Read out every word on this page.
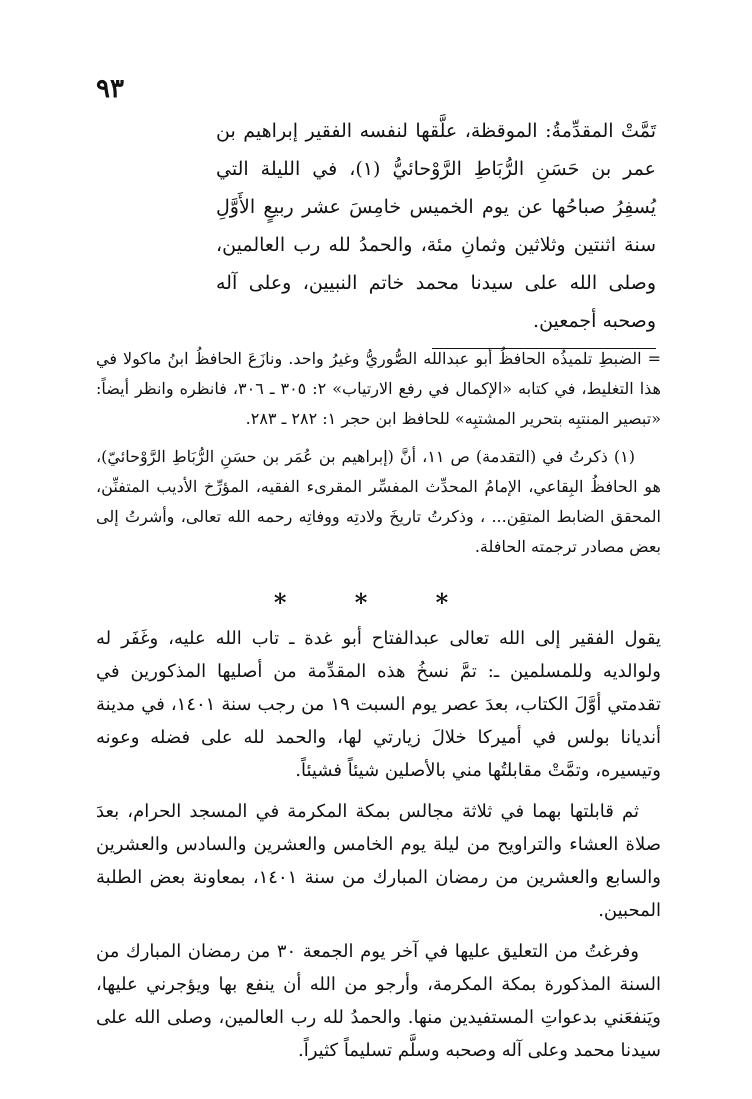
٩٣

تَمَّتْ المقدِّمةُ: الموقظة، علَّقها لنفسه الفقير إبراهيم بن عمر بن حَسَنِ الرُّبَاطِ الرَّوْحائيُّ (١)، في الليلة التي يُسفِرُ صباحُها عن يوم الخميس خامِسَ عشر ربيعٍ الأَوَّلِ سنة اثنتين وثلاثين وثمانِ مئة، والحمدُ لله رب العالمين، وصلى الله على سيدنا محمد خاتم النبيين، وعلى آله وصحبه أجمعين.

= الضبطِ تلميذُه الحافظُ أبو عبدالله الصُّوريُّ وغيرُ واحد. ونازَعَ الحافظُ ابنُ ماكولا في هذا التغليط، في كتابه «الإكمال في رفع الارتياب» ٢: ٣٠٥ ـ ٣٠٦، فانظره وانظر أيضاً: «تبصير المنتبِه بتحرير المشتبِه» للحافظ ابن حجر ١: ٢٨٢ ـ ٢٨٣.

(١) ذكرتُ في (التقدمة) ص ١١، أنَّ (إبراهيم بن عُمَر بن حسَنِ الرُّبَاطِ الرَّوْحائيّ)، هو الحافظُ البِقاعي، الإمامُ المحدِّث المفسِّر المقرىء الفقيه، المؤرِّخ الأديب المتفنِّن، المحقق الضابط المتقِن... ، وذكرتُ تاريخَ ولادتِه ووفاتِه رحمه الله تعالى، وأشرتُ إلى بعض مصادر ترجمته الحافلة.

* * *

يقول الفقير إلى الله تعالى عبدالفتاح أبو غدة ـ تاب الله عليه، وغَفَر له ولوالديه وللمسلمين ـ: تمَّ نسخُ هذه المقدِّمة من أصليها المذكورين في تقدمتي أوَّلَ الكتاب، بعدَ عصر يوم السبت ١٩ من رجب سنة ١٤٠١، في مدينة أنديانا بولس في أميركا خلالَ زيارتي لها، والحمد لله على فضله وعونه وتيسيره، وتمَّتْ مقابلتُها مني بالأصلين شيئاً فشيئاً.

ثم قابلتها بهما في ثلاثة مجالس بمكة المكرمة في المسجد الحرام، بعدَ صلاة العشاء والتراويح من ليلة يوم الخامس والعشرين والسادس والعشرين والسابع والعشرين من رمضان المبارك من سنة ١٤٠١، بمعاونة بعض الطلبة المحبين.

وفرغتُ من التعليق عليها في آخر يوم الجمعة ٣٠ من رمضان المبارك من السنة المذكورة بمكة المكرمة، وأرجو من الله أن ينفع بها ويؤجرني عليها، ويَنفعَني بدعواتِ المستفيدين منها. والحمدُ لله رب العالمين، وصلى الله على سيدنا محمد وعلى آله وصحبه وسلَّم تسليماً كثيراً.
